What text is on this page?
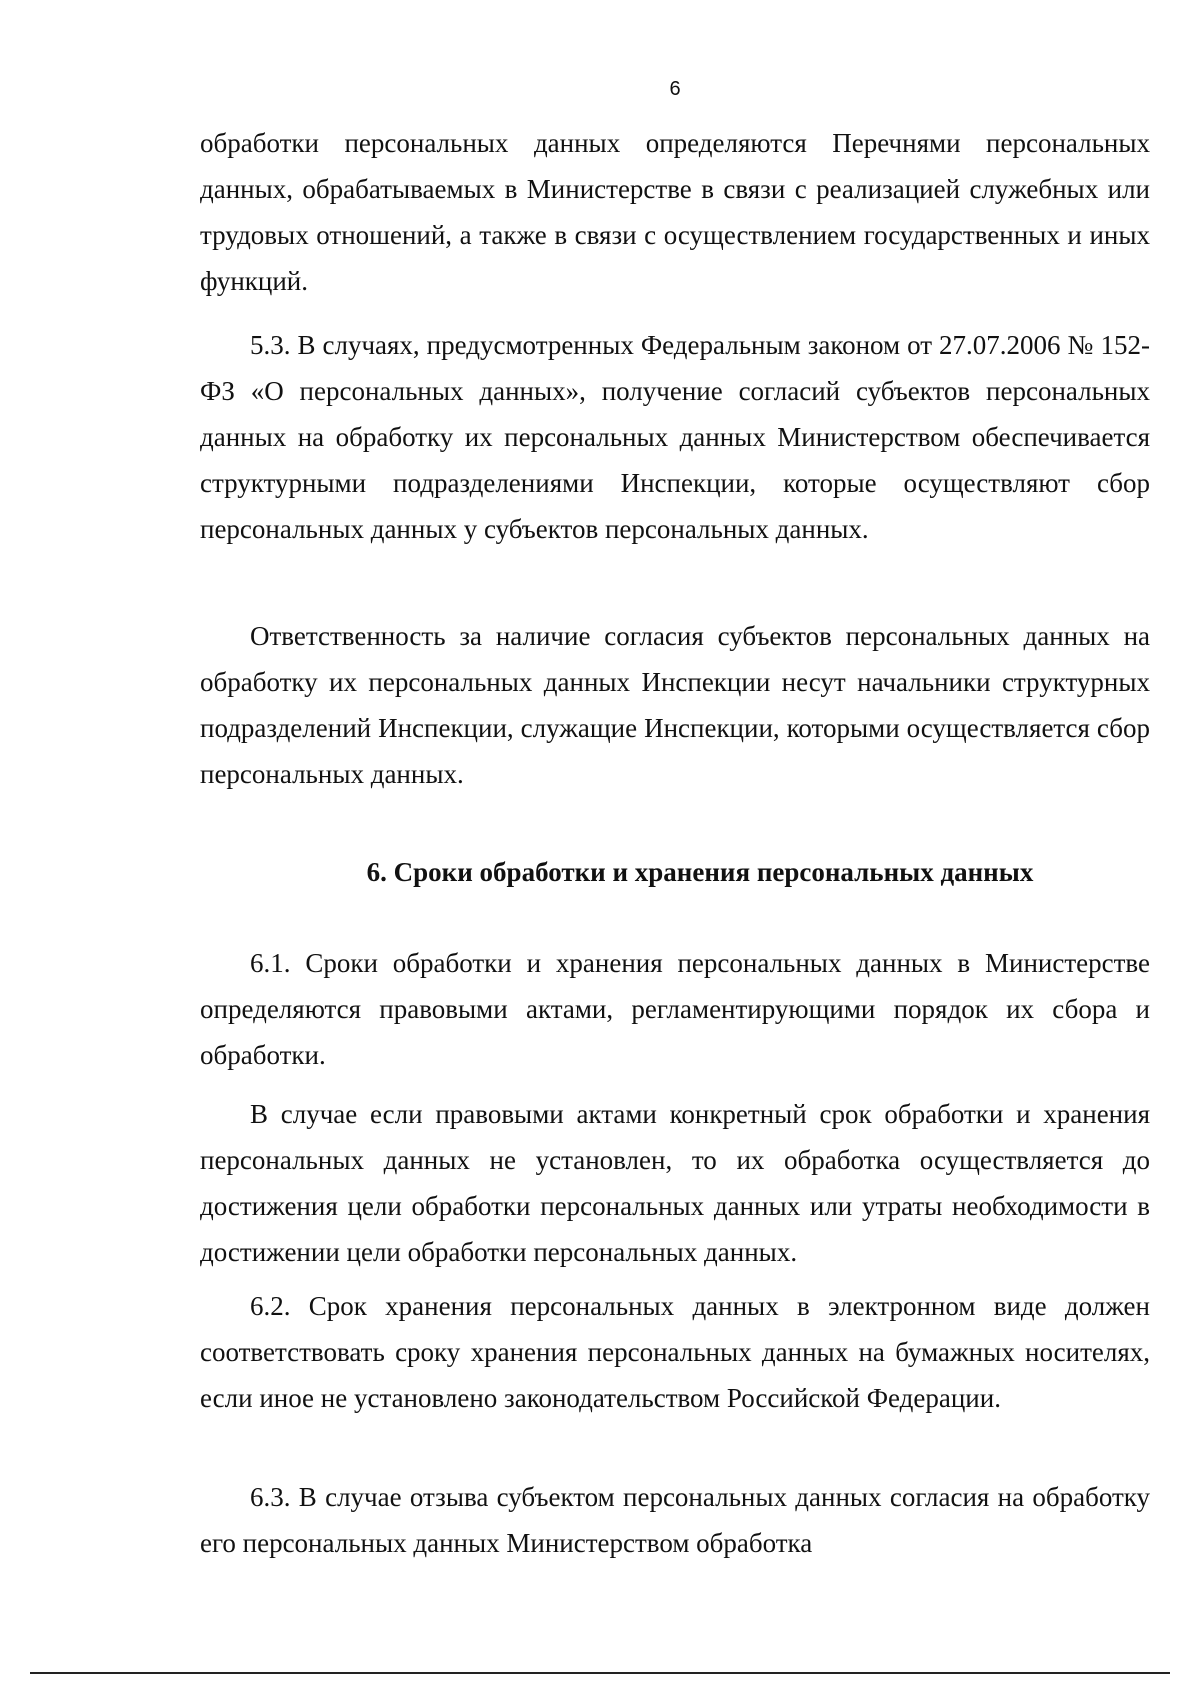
6

обработки персональных данных определяются Перечнями персональных данных, обрабатываемых в Министерстве в связи с реализацией служебных или трудовых отношений, а также в связи с осуществлением государственных и иных функций.

5.3. В случаях, предусмотренных Федеральным законом от 27.07.2006 № 152-ФЗ «О персональных данных», получение согласий субъектов персональных данных на обработку их персональных данных Министерством обеспечивается структурными подразделениями Инспекции, которые осуществляют сбор персональных данных у субъектов персональных данных.

Ответственность за наличие согласия субъектов персональных данных на обработку их персональных данных Инспекции несут начальники структурных подразделений Инспекции, служащие Инспекции, которыми осуществляется сбор персональных данных.

6. Сроки обработки и хранения персональных данных

6.1. Сроки обработки и хранения персональных данных в Министерстве определяются правовыми актами, регламентирующими порядок их сбора и обработки.

В случае если правовыми актами конкретный срок обработки и хранения персональных данных не установлен, то их обработка осуществляется до достижения цели обработки персональных данных или утраты необходимости в достижении цели обработки персональных данных.

6.2. Срок хранения персональных данных в электронном виде должен соответствовать сроку хранения персональных данных на бумажных носителях, если иное не установлено законодательством Российской Федерации.

6.3. В случае отзыва субъектом персональных данных согласия на обработку его персональных данных Министерством обработка
